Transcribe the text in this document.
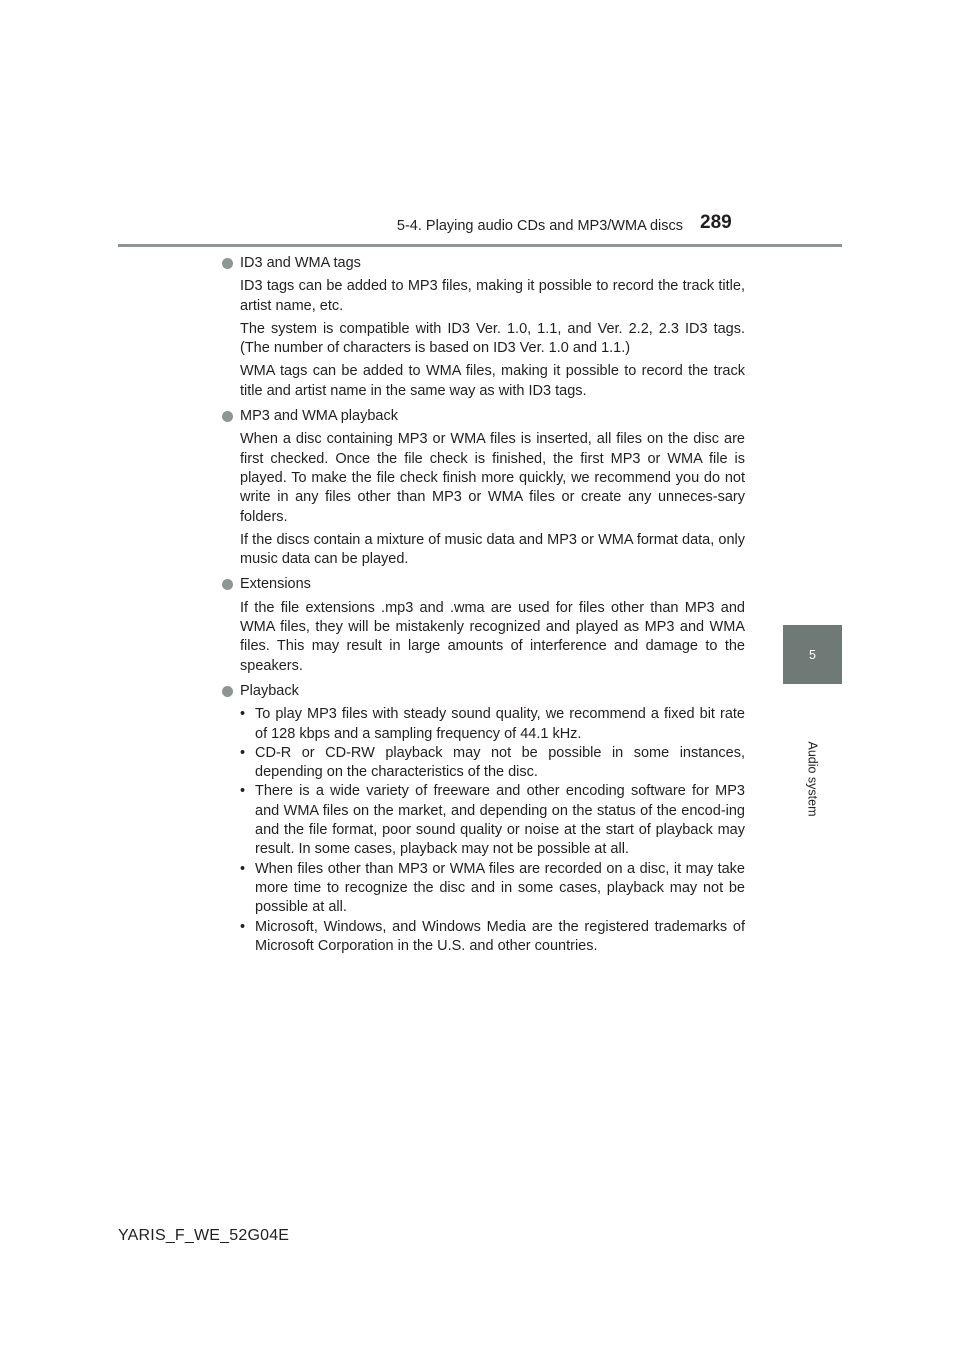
5-4. Playing audio CDs and MP3/WMA discs 289
5
Audio system
ID3 and WMA tags

ID3 tags can be added to MP3 files, making it possible to record the track title, artist name, etc.

The system is compatible with ID3 Ver. 1.0, 1.1, and Ver. 2.2, 2.3 ID3 tags. (The number of characters is based on ID3 Ver. 1.0 and 1.1.)

WMA tags can be added to WMA files, making it possible to record the track title and artist name in the same way as with ID3 tags.

MP3 and WMA playback

When a disc containing MP3 or WMA files is inserted, all files on the disc are first checked. Once the file check is finished, the first MP3 or WMA file is played. To make the file check finish more quickly, we recommend you do not write in any files other than MP3 or WMA files or create any unneces-sary folders.

If the discs contain a mixture of music data and MP3 or WMA format data, only music data can be played.

Extensions

If the file extensions .mp3 and .wma are used for files other than MP3 and WMA files, they will be mistakenly recognized and played as MP3 and WMA files. This may result in large amounts of interference and damage to the speakers.

Playback
• To play MP3 files with steady sound quality, we recommend a fixed bit rate of 128 kbps and a sampling frequency of 44.1 kHz.
• CD-R or CD-RW playback may not be possible in some instances, depending on the characteristics of the disc.
• There is a wide variety of freeware and other encoding software for MP3 and WMA files on the market, and depending on the status of the encod-ing and the file format, poor sound quality or noise at the start of playback may result. In some cases, playback may not be possible at all.
• When files other than MP3 or WMA files are recorded on a disc, it may take more time to recognize the disc and in some cases, playback may not be possible at all.
• Microsoft, Windows, and Windows Media are the registered trademarks of Microsoft Corporation in the U.S. and other countries.
YARIS_F_WE_52G04E
